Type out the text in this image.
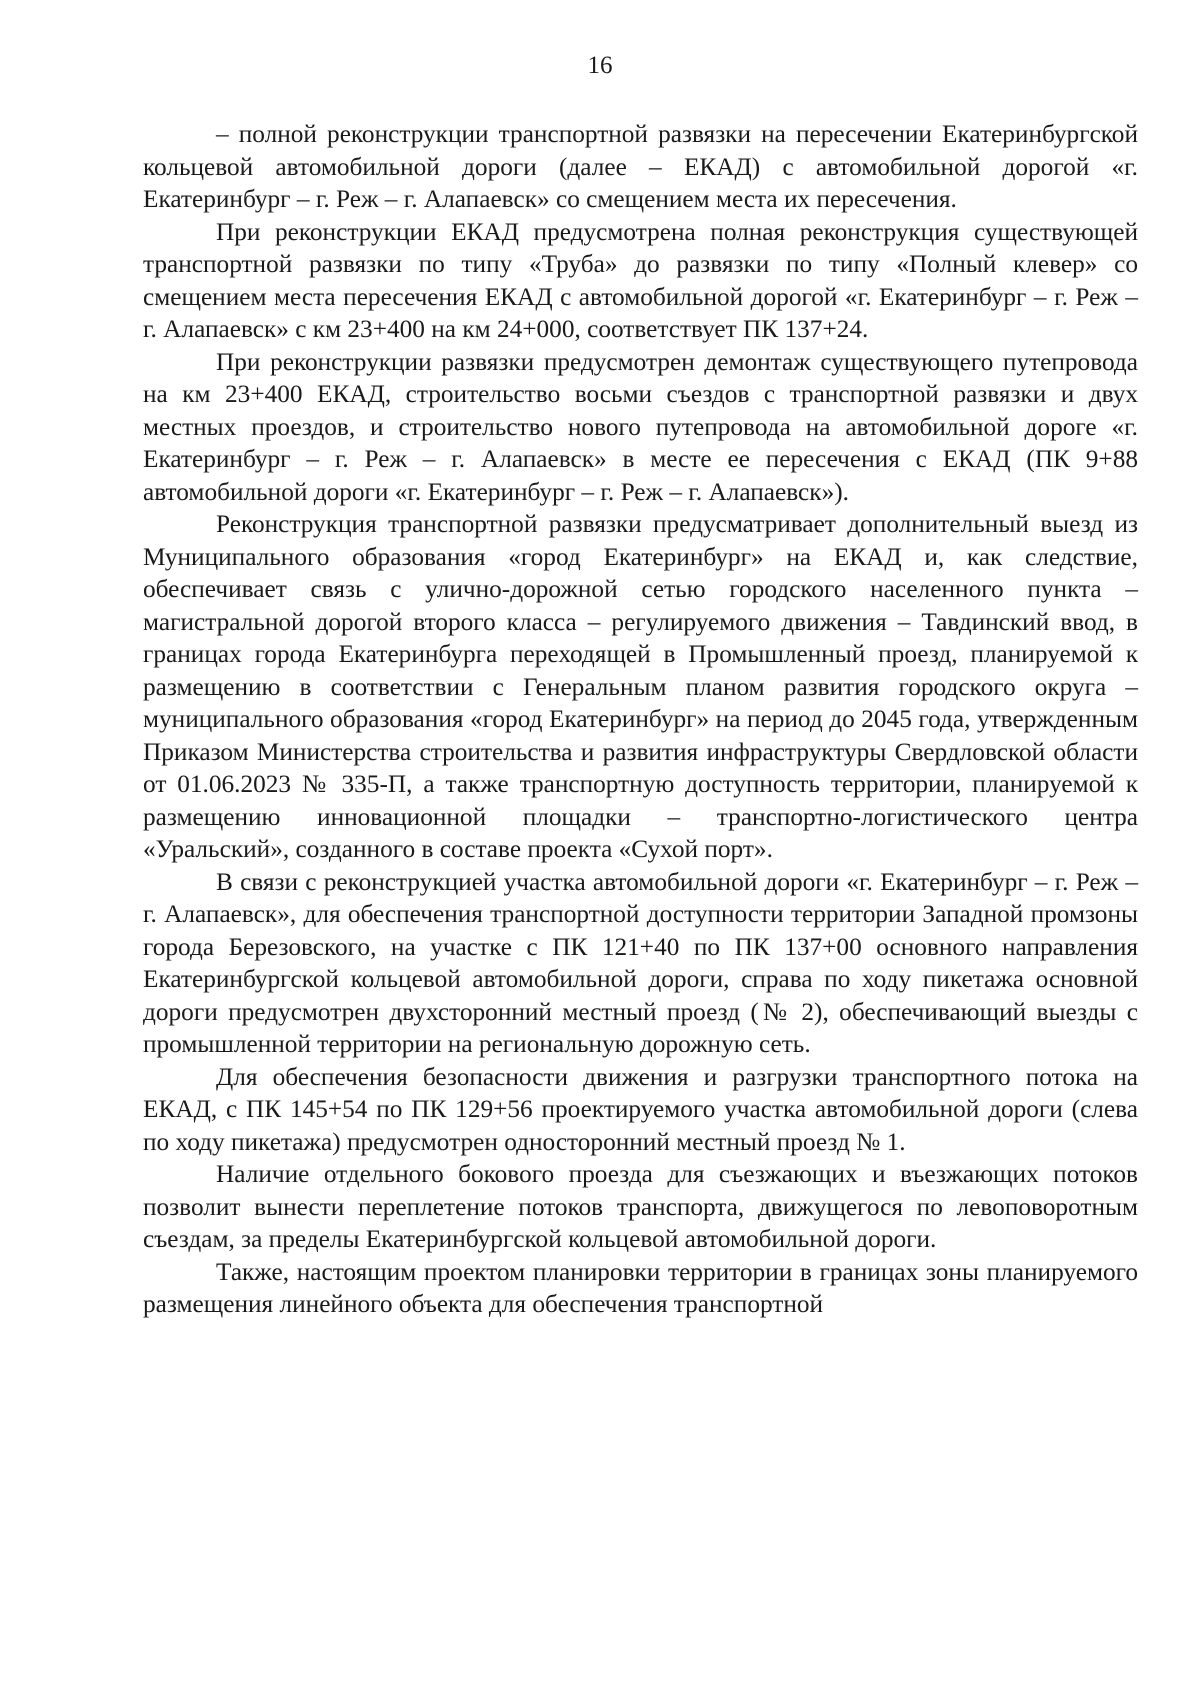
16

– полной реконструкции транспортной развязки на пересечении Екатеринбургской кольцевой автомобильной дороги (далее – ЕКАД) с автомобильной дорогой «г. Екатеринбург – г. Реж – г. Алапаевск» со смещением места их пересечения.

При реконструкции ЕКАД предусмотрена полная реконструкция существующей транспортной развязки по типу «Труба» до развязки по типу «Полный клевер» со смещением места пересечения ЕКАД с автомобильной дорогой «г. Екатеринбург – г. Реж – г. Алапаевск» с км 23+400 на км 24+000, соответствует ПК 137+24.

При реконструкции развязки предусмотрен демонтаж существующего путепровода на км 23+400 ЕКАД, строительство восьми съездов с транспортной развязки и двух местных проездов, и строительство нового путепровода на автомобильной дороге «г. Екатеринбург – г. Реж – г. Алапаевск» в месте ее пересечения с ЕКАД (ПК 9+88 автомобильной дороги «г. Екатеринбург – г. Реж – г. Алапаевск»).

Реконструкция транспортной развязки предусматривает дополнительный выезд из Муниципального образования «город Екатеринбург» на ЕКАД и, как следствие, обеспечивает связь с улично-дорожной сетью городского населенного пункта – магистральной дорогой второго класса – регулируемого движения – Тавдинский ввод, в границах города Екатеринбурга переходящей в Промышленный проезд, планируемой к размещению в соответствии с Генеральным планом развития городского округа – муниципального образования «город Екатеринбург» на период до 2045 года, утвержденным Приказом Министерства строительства и развития инфраструктуры Свердловской области от 01.06.2023 № 335-П, а также транспортную доступность территории, планируемой к размещению инновационной площадки – транспортно-логистического центра «Уральский», созданного в составе проекта «Сухой порт».

В связи с реконструкцией участка автомобильной дороги «г. Екатеринбург – г. Реж – г. Алапаевск», для обеспечения транспортной доступности территории Западной промзоны города Березовского, на участке с ПК 121+40 по ПК 137+00 основного направления Екатеринбургской кольцевой автомобильной дороги, справа по ходу пикетажа основной дороги предусмотрен двухсторонний местный проезд (№ 2), обеспечивающий выезды с промышленной территории на региональную дорожную сеть.

Для обеспечения безопасности движения и разгрузки транспортного потока на ЕКАД, с ПК 145+54 по ПК 129+56 проектируемого участка автомобильной дороги (слева по ходу пикетажа) предусмотрен односторонний местный проезд № 1.

Наличие отдельного бокового проезда для съезжающих и въезжающих потоков позволит вынести переплетение потоков транспорта, движущегося по левоповоротным съездам, за пределы Екатеринбургской кольцевой автомобильной дороги.

Также, настоящим проектом планировки территории в границах зоны планируемого размещения линейного объекта для обеспечения транспортной
